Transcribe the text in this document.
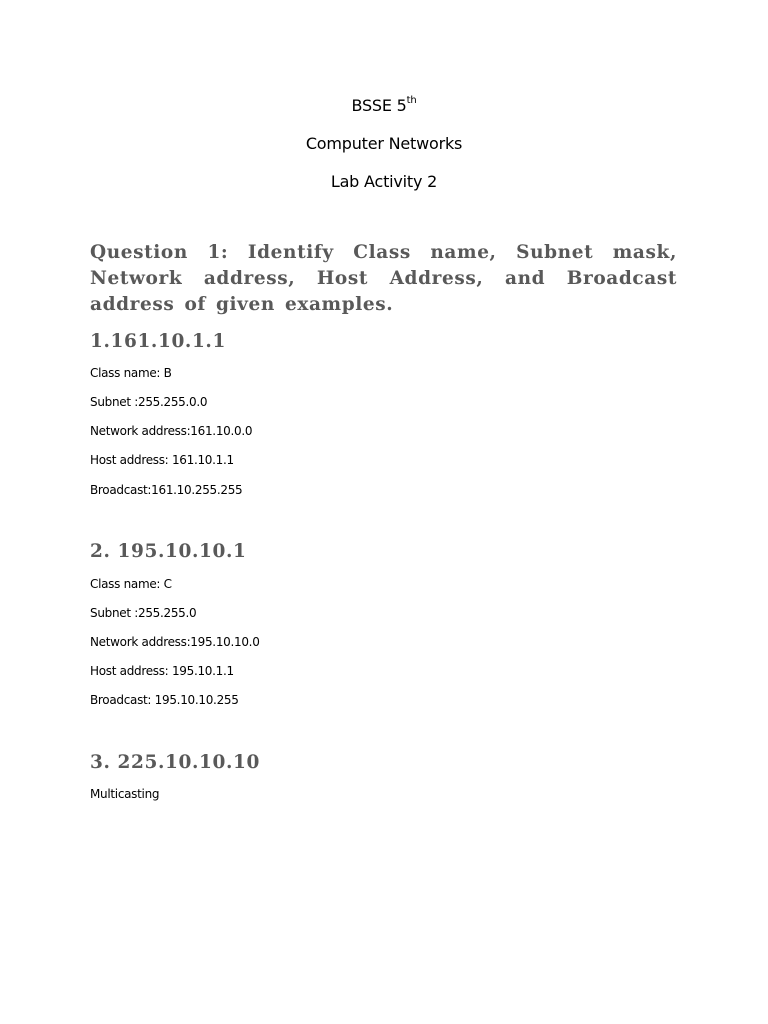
BSSE 5th
Computer Networks
Lab Activity 2
Question 1: Identify Class name, Subnet mask, Network address, Host Address, and Broadcast address of given examples.
1.161.10.1.1
Class name: B
Subnet :255.255.0.0
Network address:161.10.0.0
Host address: 161.10.1.1
Broadcast:161.10.255.255
2. 195.10.10.1
Class name: C
Subnet :255.255.0
Network address:195.10.10.0
Host address: 195.10.1.1
Broadcast: 195.10.10.255
3. 225.10.10.10
Multicasting
